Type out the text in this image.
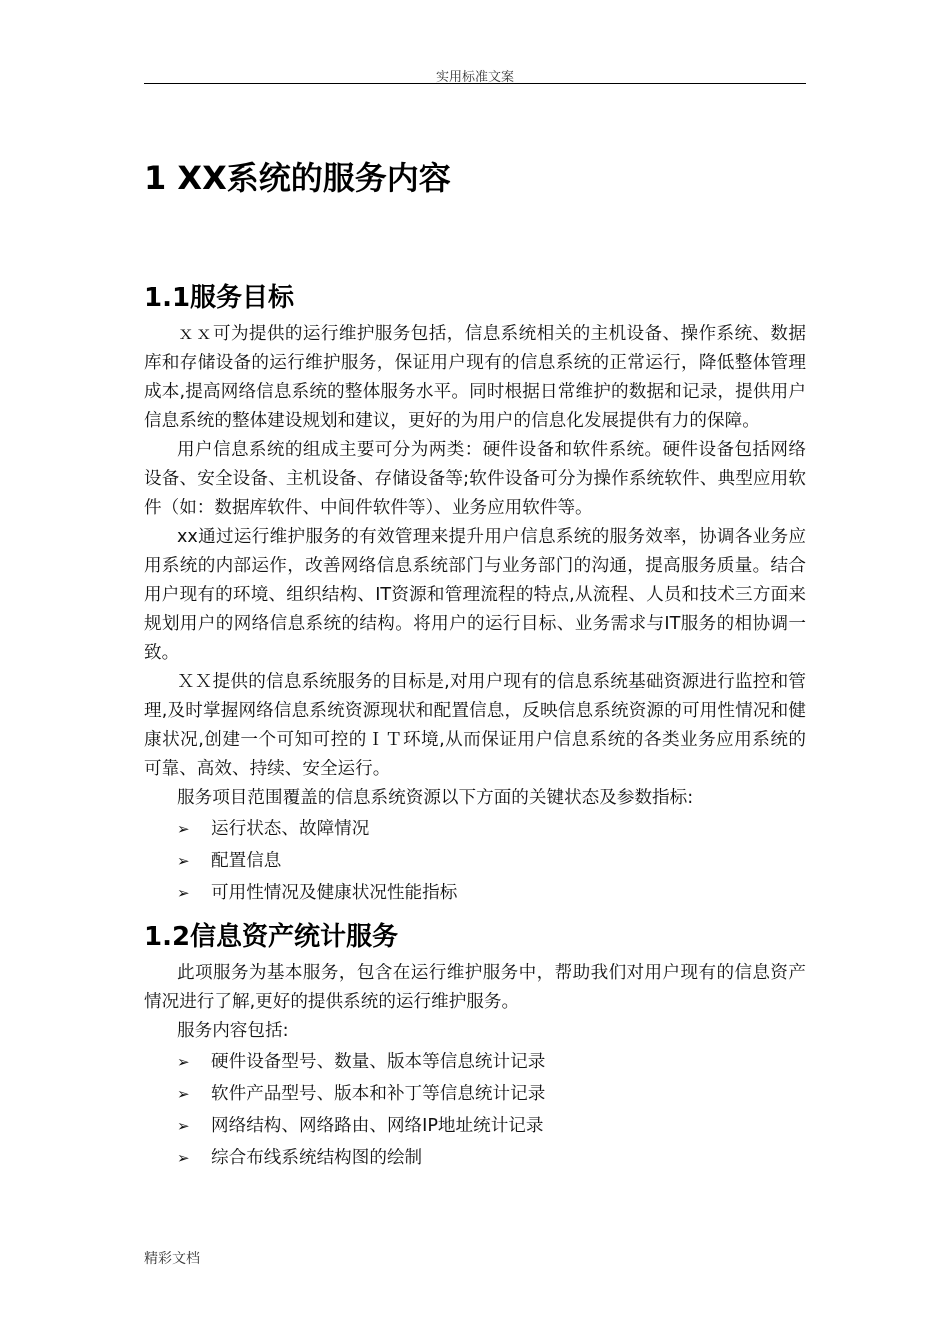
实用标准文案
1 XX系统的服务内容
1.1服务目标

ｘｘ可为提供的运行维护服务包括，信息系统相关的主机设备、操作系统、数据库和存储设备的运行维护服务，保证用户现有的信息系统的正常运行，降低整体管理成本,提高网络信息系统的整体服务水平。同时根据日常维护的数据和记录，提供用户信息系统的整体建设规划和建议，更好的为用户的信息化发展提供有力的保障。

用户信息系统的组成主要可分为两类：硬件设备和软件系统。硬件设备包括网络设备、安全设备、主机设备、存储设备等;软件设备可分为操作系统软件、典型应用软件（如：数据库软件、中间件软件等）、业务应用软件等。

xx通过运行维护服务的有效管理来提升用户信息系统的服务效率，协调各业务应用系统的内部运作，改善网络信息系统部门与业务部门的沟通，提高服务质量。结合用户现有的环境、组织结构、IT资源和管理流程的特点,从流程、人员和技术三方面来规划用户的网络信息系统的结构。将用户的运行目标、业务需求与IT服务的相协调一致。

ＸＸ提供的信息系统服务的目标是,对用户现有的信息系统基础资源进行监控和管理,及时掌握网络信息系统资源现状和配置信息，反映信息系统资源的可用性情况和健康状况,创建一个可知可控的ＩＴ环境,从而保证用户信息系统的各类业务应用系统的可靠、高效、持续、安全运行。

服务项目范围覆盖的信息系统资源以下方面的关键状态及参数指标:

➢ 运行状态、故障情况
➢ 配置信息
➢ 可用性情况及健康状况性能指标
1.2信息资产统计服务

此项服务为基本服务，包含在运行维护服务中，帮助我们对用户现有的信息资产情况进行了解,更好的提供系统的运行维护服务。

服务内容包括:

➢ 硬件设备型号、数量、版本等信息统计记录
➢ 软件产品型号、版本和补丁等信息统计记录
➢ 网络结构、网络路由、网络IP地址统计记录
➢ 综合布线系统结构图的绘制
精彩文档
